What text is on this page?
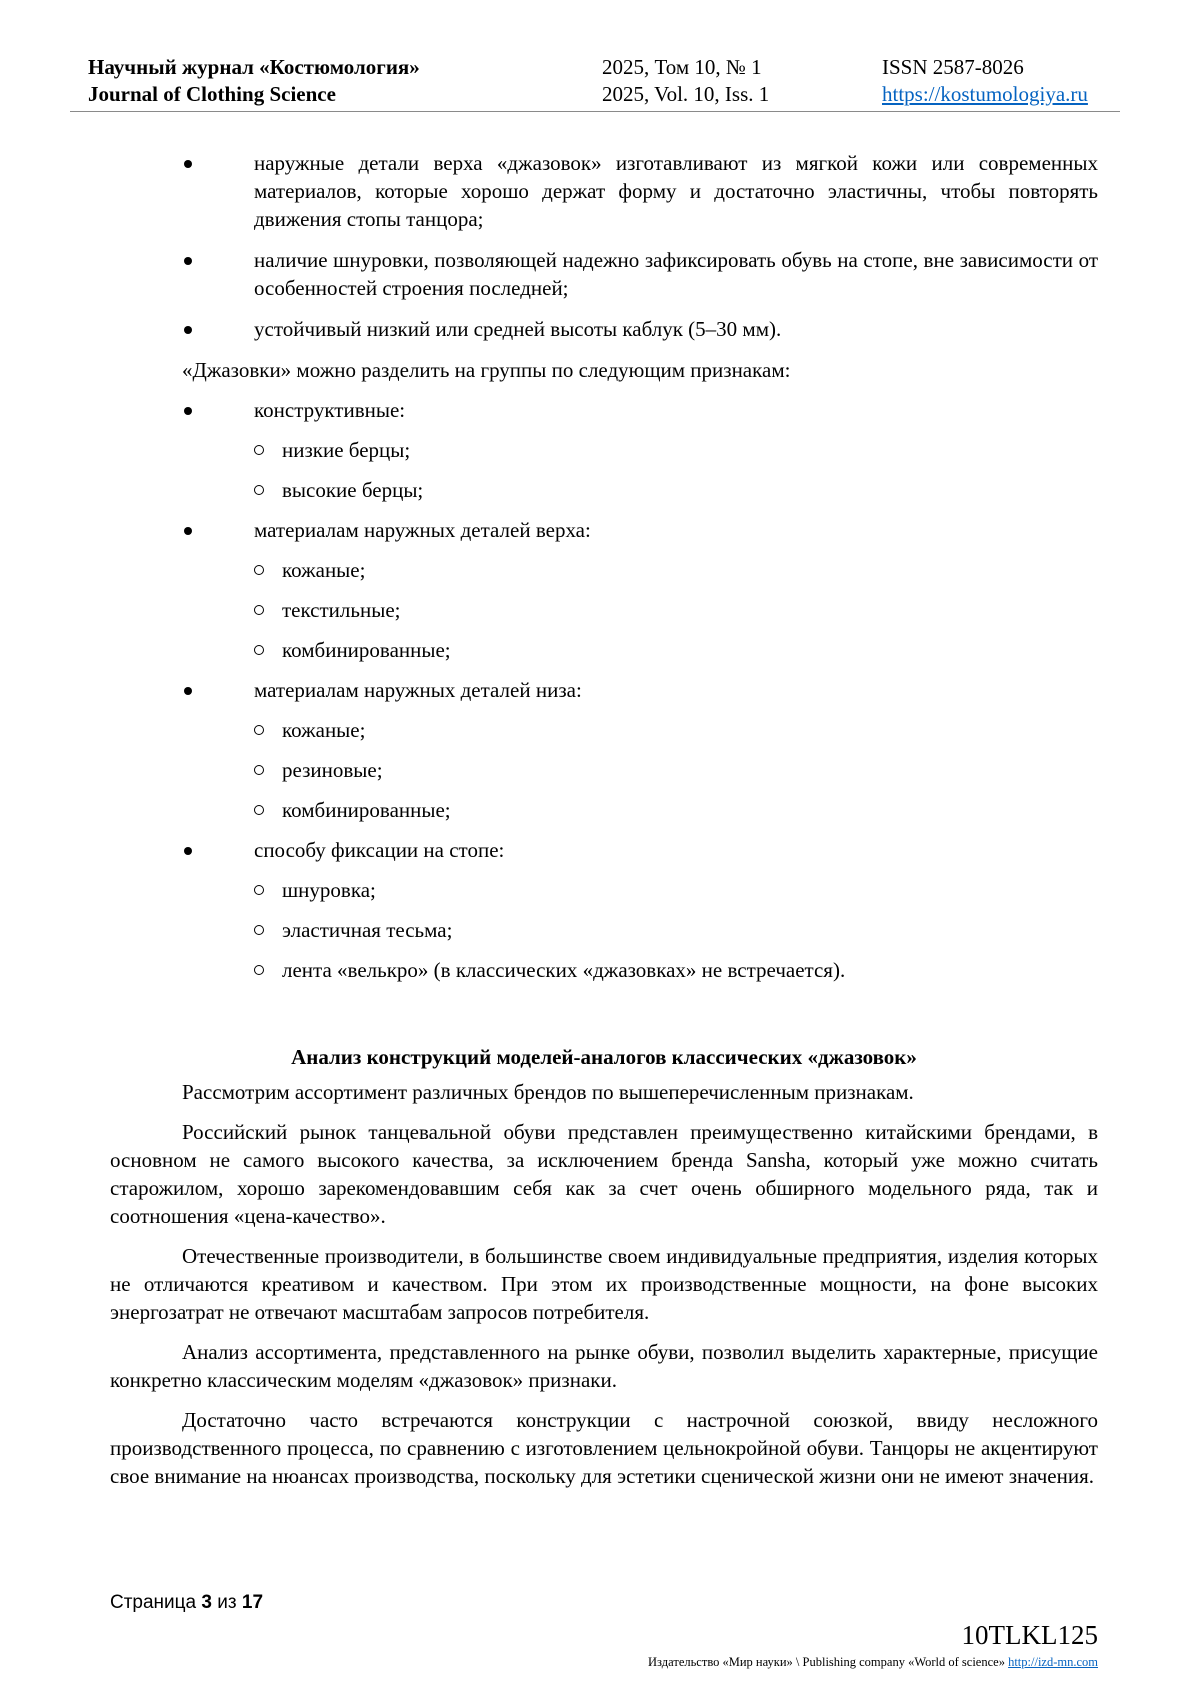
Научный журнал «Костюмология»
Journal of Clothing Science
2025, Том 10, № 1
2025, Vol. 10, Iss. 1
ISSN 2587-8026
https://kostumologiya.ru
наружные детали верха «джазовок» изготавливают из мягкой кожи или современных материалов, которые хорошо держат форму и достаточно эластичны, чтобы повторять движения стопы танцора;
наличие шнуровки, позволяющей надежно зафиксировать обувь на стопе, вне зависимости от особенностей строения последней;
устойчивый низкий или средней высоты каблук (5–30 мм).
«Джазовки» можно разделить на группы по следующим признакам:
конструктивные:
низкие берцы;
высокие берцы;
материалам наружных деталей верха:
кожаные;
текстильные;
комбинированные;
материалам наружных деталей низа:
кожаные;
резиновые;
комбинированные;
способу фиксации на стопе:
шнуровка;
эластичная тесьма;
лента «велькро» (в классических «джазовках» не встречается).
Анализ конструкций моделей-аналогов классических «джазовок»

Рассмотрим ассортимент различных брендов по вышеперечисленным признакам.

Российский рынок танцевальной обуви представлен преимущественно китайскими брендами, в основном не самого высокого качества, за исключением бренда Sansha, который уже можно считать старожилом, хорошо зарекомендовавшим себя как за счет очень обширного модельного ряда, так и соотношения «цена-качество».

Отечественные производители, в большинстве своем индивидуальные предприятия, изделия которых не отличаются креативом и качеством. При этом их производственные мощности, на фоне высоких энергозатрат не отвечают масштабам запросов потребителя.

Анализ ассортимента, представленного на рынке обуви, позволил выделить характерные, присущие конкретно классическим моделям «джазовок» признаки.

Достаточно часто встречаются конструкции с настрочной союзкой, ввиду несложного производственного процесса, по сравнению с изготовлением цельнокройной обуви. Танцоры не акцентируют свое внимание на нюансах производства, поскольку для эстетики сценической жизни они не имеют значения.

Страница 3 из 17
10TLKL125
Издательство «Мир науки» \ Publishing company «World of science» http://izd-mn.com
